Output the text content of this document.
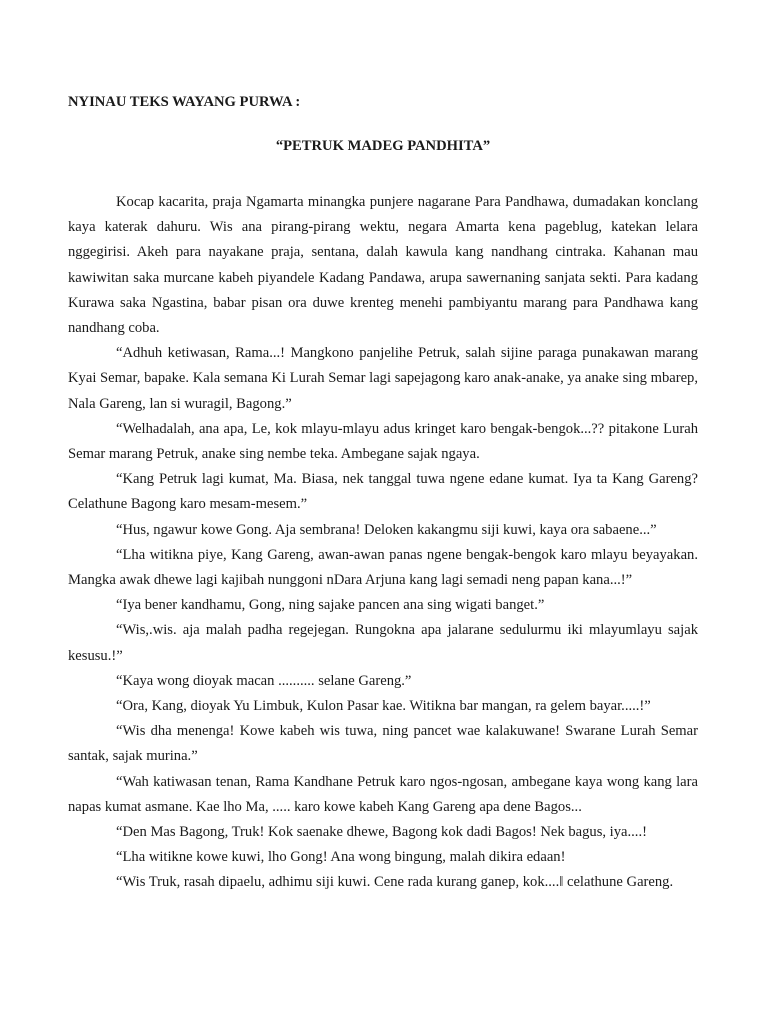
NYINAU TEKS WAYANG PURWA :

“PETRUK MADEG PANDHITA”

Kocap kacarita, praja Ngamarta minangka punjere nagarane Para Pandhawa, dumadakan konclang kaya katerak dahuru. Wis ana pirang-pirang wektu, negara Amarta kena pageblug, katekan lelara nggegirisi. Akeh para nayakane praja, sentana, dalah kawula kang nandhang cintraka. Kahanan mau kawiwitan saka murcane kabeh piyandele Kadang Pandawa, arupa sawernaning sanjata sekti. Para kadang Kurawa saka Ngastina, babar pisan ora duwe krenteg menehi pambiyantu marang para Pandhawa kang nandhang coba.

“Adhuh ketiwasan, Rama...! Mangkono panjelihe Petruk, salah sijine paraga punakawan marang Kyai Semar, bapake. Kala semana Ki Lurah Semar lagi sapejagong karo anak-anake, ya anake sing mbarep, Nala Gareng, lan si wuragil, Bagong.”

“Welhadalah, ana apa, Le, kok mlayu-mlayu adus kringet karo bengak-bengok...?? pitakone Lurah Semar marang Petruk, anake sing nembe teka. Ambegane sajak ngaya.

“Kang Petruk lagi kumat, Ma. Biasa, nek tanggal tuwa ngene edane kumat. Iya ta Kang Gareng? Celathune Bagong karo mesam-mesem.”

“Hus, ngawur kowe Gong. Aja sembrana! Deloken kakangmu siji kuwi, kaya ora sabaene...”

“Lha witikna piye, Kang Gareng, awan-awan panas ngene bengak-bengok karo mlayu beyayakan. Mangka awak dhewe lagi kajibah nunggoni nDara Arjuna kang lagi semadi neng papan kana...!”

“Iya bener kandhamu, Gong, ning sajake pancen ana sing wigati banget.”

“Wis,.wis. aja malah padha regejegan. Rungokna apa jalarane sedulurmu iki mlayumlayu sajak kesusu.!”

“Kaya wong dioyak macan .......... selane Gareng.”

“Ora, Kang, dioyak Yu Limbuk, Kulon Pasar kae. Witikna bar mangan, ra gelem bayar.....!”

“Wis dha menenga! Kowe kabeh wis tuwa, ning pancet wae kalakuwane! Swarane Lurah Semar santak, sajak murina.”

“Wah katiwasan tenan, Rama Kandhane Petruk karo ngos-ngosan, ambegane kaya wong kang lara napas kumat asmane. Kae lho Ma, ..... karo kowe kabeh Kang Gareng apa dene Bagos...

“Den Mas Bagong, Truk! Kok saenake dhewe, Bagong kok dadi Bagos! Nek bagus, iya....!

“Lha witikne kowe kuwi, lho Gong! Ana wong bingung, malah dikira edaan!

“Wis Truk, rasah dipaelu, adhimu siji kuwi. Cene rada kurang ganep, kok....‖ celathune Gareng.
